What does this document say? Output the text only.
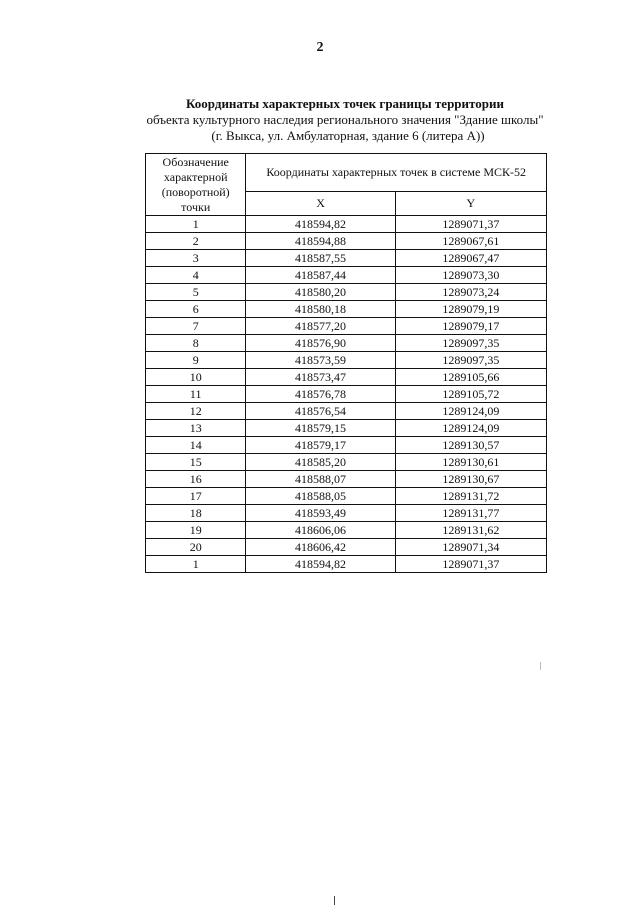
2
Координаты характерных точек границы территории
объекта культурного наследия регионального значения "Здание школы"
(г. Выкса, ул. Амбулаторная, здание 6 (литера А))
Обозначение характерной (поворотной) точки	Координаты характерных точек в системе МСК-52	
	X	Y
1	418594,82	1289071,37
2	418594,88	1289067,61
3	418587,55	1289067,47
4	418587,44	1289073,30
5	418580,20	1289073,24
6	418580,18	1289079,19
7	418577,20	1289079,17
8	418576,90	1289097,35
9	418573,59	1289097,35
10	418573,47	1289105,66
11	418576,78	1289105,72
12	418576,54	1289124,09
13	418579,15	1289124,09
14	418579,17	1289130,57
15	418585,20	1289130,61
16	418588,07	1289130,67
17	418588,05	1289131,72
18	418593,49	1289131,77
19	418606,06	1289131,62
20	418606,42	1289071,34
1	418594,82	1289071,37
